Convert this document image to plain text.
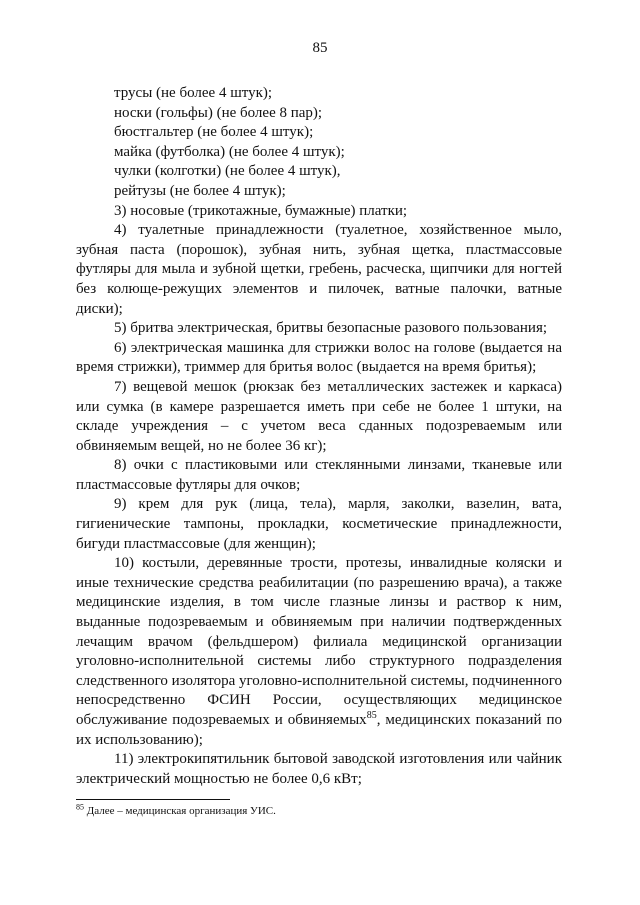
85

трусы (не более 4 штук);

носки (гольфы) (не более 8 пар);

бюстгальтер (не более 4 штук);

майка (футболка) (не более 4 штук);

чулки (колготки) (не более 4 штук),

рейтузы (не более 4 штук);

3) носовые (трикотажные, бумажные) платки;

4) туалетные принадлежности (туалетное, хозяйственное мыло, зубная паста (порошок), зубная нить, зубная щетка, пластмассовые футляры для мыла и зубной щетки, гребень, расческа, щипчики для ногтей без колюще-режущих элементов и пилочек, ватные палочки, ватные диски);

5) бритва электрическая, бритвы безопасные разового пользования;

6) электрическая машинка для стрижки волос на голове (выдается на время стрижки), триммер для бритья волос (выдается на время бритья);

7) вещевой мешок (рюкзак без металлических застежек и каркаса) или сумка (в камере разрешается иметь при себе не более 1 штуки, на складе учреждения – с учетом веса сданных подозреваемым или обвиняемым вещей, но не более 36 кг);

8) очки с пластиковыми или стеклянными линзами, тканевые или пластмассовые футляры для очков;

9) крем для рук (лица, тела), марля, заколки, вазелин, вата, гигиенические тампоны, прокладки, косметические принадлежности, бигуди пластмассовые (для женщин);

10) костыли, деревянные трости, протезы, инвалидные коляски и иные технические средства реабилитации (по разрешению врача), а также медицинские изделия, в том числе глазные линзы и раствор к ним, выданные подозреваемым и обвиняемым при наличии подтвержденных лечащим врачом (фельдшером) филиала медицинской организации уголовно-исполнительной системы либо структурного подразделения следственного изолятора уголовно-исполнительной системы, подчиненного непосредственно ФСИН России, осуществляющих медицинское обслуживание подозреваемых и обвиняемых$^{85}$, медицинских показаний по их использованию);

11) электрокипятильник бытовой заводской изготовления или чайник электрический мощностью не более 0,6 кВт;

$^{85}$ Далее – медицинская организация УИС.
